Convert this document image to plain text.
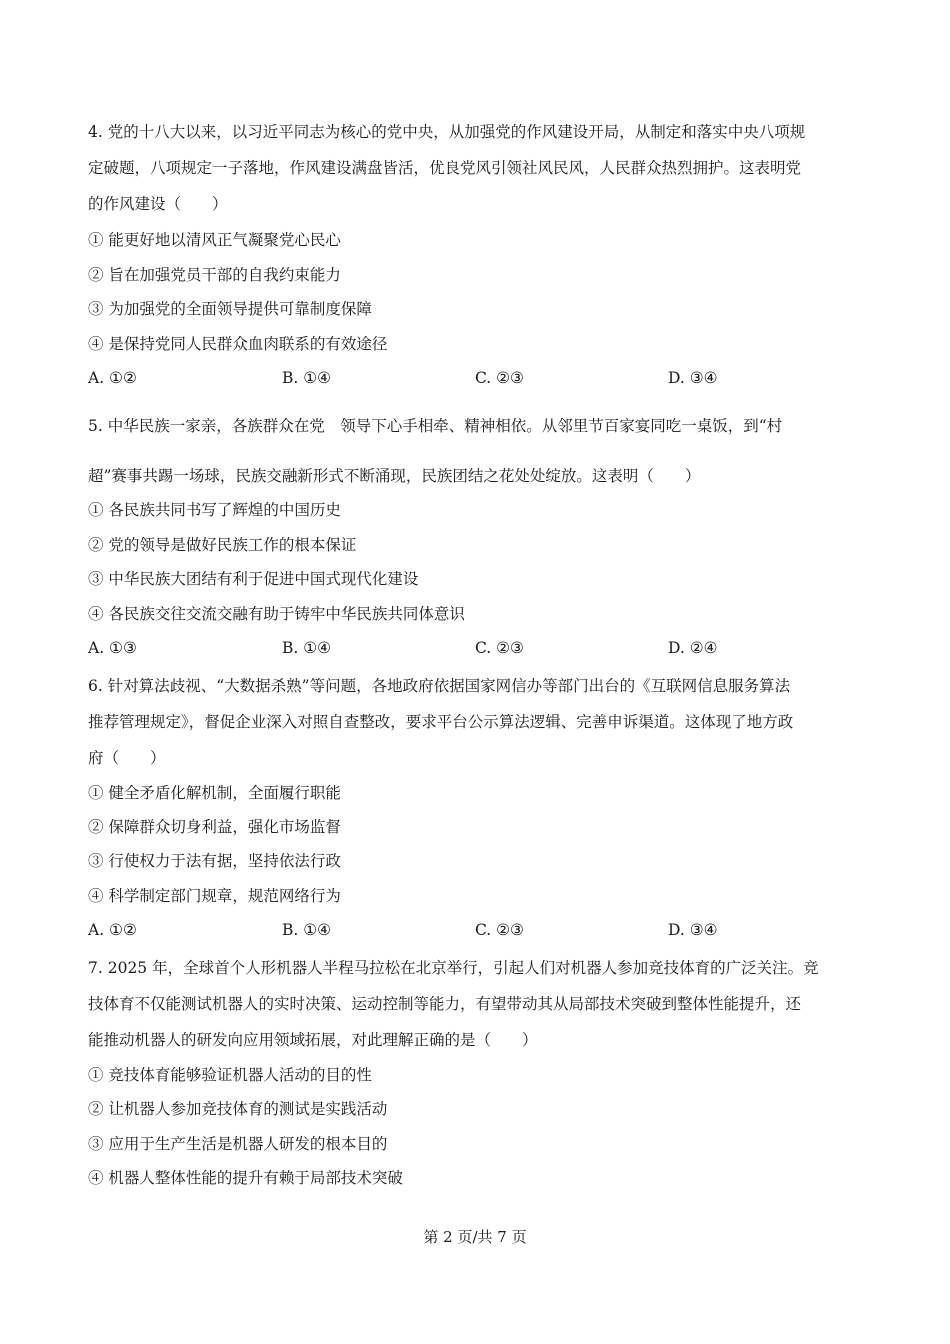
4. 党的十八大以来，以习近平同志为核心的党中央，从加强党的作风建设开局，从制定和落实中央八项规
定破题，八项规定一子落地，作风建设满盘皆活，优良党风引领社风民风，人民群众热烈拥护。这表明党
的作风建设（　　）
① 能更好地以清风正气凝聚党心民心
② 旨在加强党员干部的自我约束能力
③ 为加强党的全面领导提供可靠制度保障
④ 是保持党同人民群众血肉联系的有效途径
A. ①②	B. ①④	C. ②③	D. ③④
5. 中华民族一家亲，各族群众在党　领导下心手相牵、精神相依。从邻里节百家宴同吃一桌饭，到“村
超”赛事共踢一场球，民族交融新形式不断涌现，民族团结之花处处绽放。这表明（　　）
① 各民族共同书写了辉煌的中国历史
② 党的领导是做好民族工作的根本保证
③ 中华民族大团结有利于促进中国式现代化建设
④ 各民族交往交流交融有助于铸牢中华民族共同体意识
A. ①③	B. ①④	C. ②③	D. ②④
6. 针对算法歧视、“大数据杀熟”等问题，各地政府依据国家网信办等部门出台的《互联网信息服务算法
推荐管理规定》，督促企业深入对照自查整改，要求平台公示算法逻辑、完善申诉渠道。这体现了地方政
府（　　）
① 健全矛盾化解机制，全面履行职能
② 保障群众切身利益，强化市场监督
③ 行使权力于法有据，坚持依法行政
④ 科学制定部门规章，规范网络行为
A. ①②	B. ①④	C. ②③	D. ③④
7. 2025 年，全球首个人形机器人半程马拉松在北京举行，引起人们对机器人参加竞技体育的广泛关注。竞
技体育不仅能测试机器人的实时决策、运动控制等能力，有望带动其从局部技术突破到整体性能提升，还
能推动机器人的研发向应用领域拓展，对此理解正确的是（　　）
① 竞技体育能够验证机器人活动的目的性
② 让机器人参加竞技体育的测试是实践活动
③ 应用于生产生活是机器人研发的根本目的
④ 机器人整体性能的提升有赖于局部技术突破
第 2 页/共 7 页
